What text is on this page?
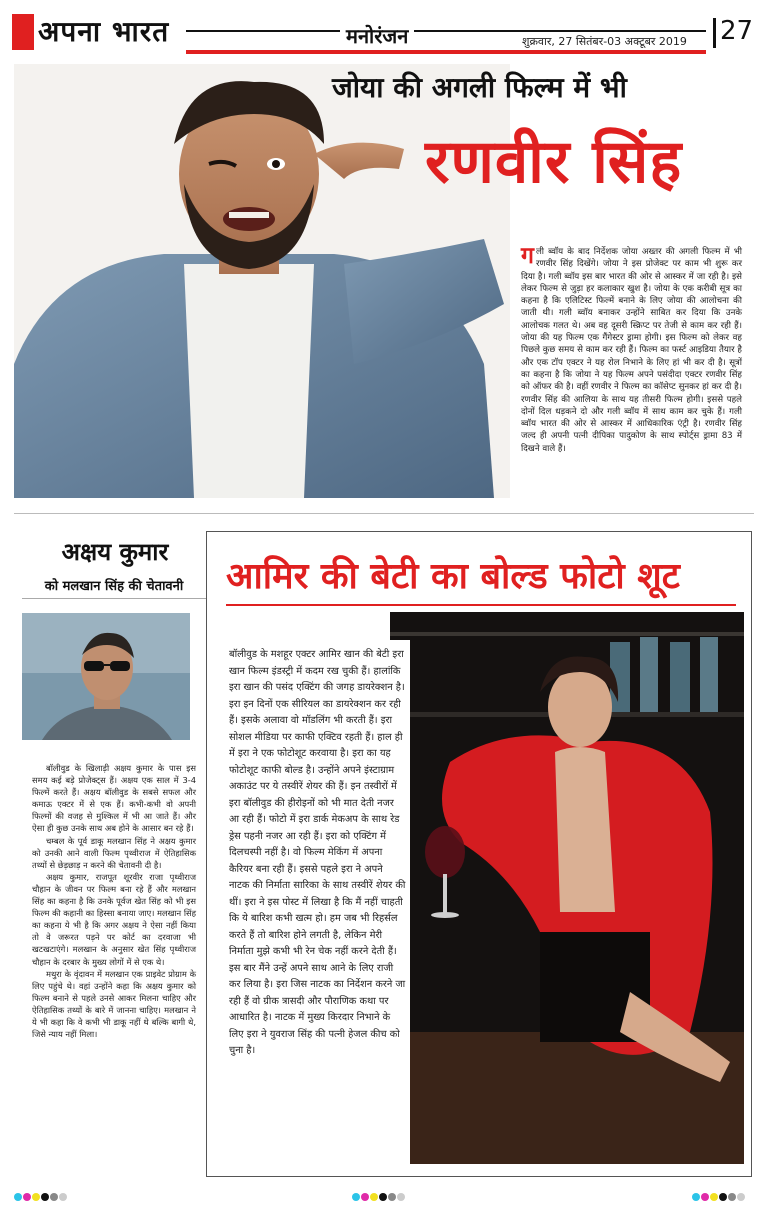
अपना भारत	मनोरंजन	शुक्रवार, 27 सितंबर-03 अक्टूबर 2019 27
जोया की अगली फिल्म में भी
रणवीर सिंह
गली ब्वॉय के बाद निर्देशक जोया अख्तर की अगली फिल्म में भी रणवीर सिंह दिखेंगे। जोया ने इस प्रोजेक्ट पर काम भी शुरू कर दिया है। गली ब्वॉय इस बार भारत की ओर से आस्कर में जा रही है। इसे लेकर फिल्म से जुड़ा हर कलाकार खुश है। जोया के एक करीबी सूत्र का कहना है कि एलिटिस्ट फिल्में बनाने के लिए जोया की आलोचना की जाती थी। गली ब्वॉय बनाकर उन्होंने साबित कर दिया कि उनके आलोचक गलत थे। अब वह दूसरी स्क्रिप्ट पर तेजी से काम कर रही हैं। जोया की यह फिल्म एक गैंगेस्टर ड्रामा होगी। इस फिल्म को लेकर वह पिछले कुछ समय से काम कर रही हैं। फिल्म का फर्स्ट आइडिया तैयार है और एक टॉप एक्टर ने यह रोल निभाने के लिए हां भी कर दी है। सूत्रों का कहना है कि जोया ने यह फिल्म अपने पसंदीदा एक्टर रणवीर सिंह को ऑफर की है। वहीं रणवीर ने फिल्म का कॉसेप्ट सुनकर हां कर दी है। रणवीर सिंह की आलिया के साथ यह तीसरी फिल्म होगी। इससे पहले दोनों दिल धड़कने दो और गली ब्वॉय में साथ काम कर चुके हैं। गली ब्वॉय भारत की ओर से आस्कर में आधिकारिक एंट्री है। रणवीर सिंह जल्द ही अपनी पत्नी दीपिका पादुकोण के साथ स्पोर्ट्स ड्रामा 83 में दिखने वाले हैं।
अक्षय कुमार
को मलखान सिंह की चेतावनी

बॉलीवुड के खिलाड़ी अक्षय कुमार के पास इस समय कई बड़े प्रोजेक्ट्स हैं। अक्षय एक साल में 3-4 फिल्में करते हैं। अक्षय बॉलीवुड के सबसे सफल और कमाऊ एक्टर में से एक हैं। कभी-कभी वो अपनी फिल्मों की वजह से मुश्किल में भी आ जाते हैं। और ऐसा ही कुछ उनके साथ अब होने के आसार बन रहे हैं।

चम्बल के पूर्व डाकू मलखान सिंह ने अक्षय कुमार को उनकी आने वाली फिल्म पृथ्वीराज में ऐतिहासिक तथ्यों से छेड़छाड़ न करने की चेतावनी दी है।

अक्षय कुमार, राजपूत शूरवीर राजा पृथ्वीराज चौहान के जीवन पर फिल्म बना रहे हैं और मलखान सिंह का कहना है कि उनके पूर्वज खेत सिंह को भी इस फिल्म की कहानी का हिस्सा बनाया जाए। मलखान सिंह का कहना ये भी है कि अगर अक्षय ने ऐसा नहीं किया तो वे जरूरत पड़ने पर कोर्ट का दरवाजा भी खटखटाएंगे। मलखान के अनुसार खेत सिंह पृथ्वीराज चौहान के दरबार के मुख्य लोगों में से एक थे।

मथुरा के वृंदावन में मलखान एक प्राइवेट प्रोग्राम के लिए पहुंचे थे। वहां उन्होंने कहा कि अक्षय कुमार को फिल्म बनाने से पहले उनसे आकर मिलना चाहिए और ऐतिहासिक तथ्यों के बारे में जानना चाहिए। मलखान ने ये भी कहा कि वे कभी भी डाकू नहीं थे बल्कि बागी थे, जिसे न्याय नहीं मिला।

आमिर की बेटी का बोल्ड फोटो शूट
बॉलीवुड के मशहूर एक्टर आमिर खान की बेटी इरा खान फिल्म इंडस्ट्री में कदम रख चुकी हैं। हालांकि इरा खान की पसंद एक्टिंग की जगह डायरेक्शन है। इरा इन दिनों एक सीरियल का डायरेक्शन कर रही हैं। इसके अलावा वो मॉडलिंग भी करती हैं। इरा सोशल मीडिया पर काफी एक्टिव रहती हैं। हाल ही में इरा ने एक फोटोशूट करवाया है। इरा का यह फोटोशूट काफी बोल्ड है। उन्होंने अपने इंस्टाग्राम अकाउंट पर ये तस्वीरें शेयर की हैं। इन तस्वीरों में इरा बॉलीवुड की हीरोइनों को भी मात देती नजर आ रही हैं। फोटो में इरा डार्क मेकअप के साथ रेड ड्रेस पहनी नजर आ रही हैं। इरा को एक्टिंग में दिलचस्पी नहीं है। वो फिल्म मेकिंग में अपना कैरियर बना रही हैं। इससे पहले इरा ने अपने नाटक की निर्माता सारिका के साथ तस्वीरें शेयर की थीं। इरा ने इस पोस्ट में लिखा है कि मैं नहीं चाहती कि ये बारिश कभी खत्म हो। हम जब भी रिहर्सल करते हैं तो बारिश होने लगती है, लेकिन मेरी निर्माता मुझे कभी भी रेन चेक नहीं करने देती हैं। इस बार मैंने उन्हें अपने साथ आने के लिए राजी कर लिया है। इरा जिस नाटक का निर्देशन करने जा रही हैं वो ग्रीक त्रासदी और पौराणिक कथा पर आधारित है। नाटक में मुख्य किरदार निभाने के लिए इरा ने युवराज सिंह की पत्नी हेजल कीच को चुना है।
